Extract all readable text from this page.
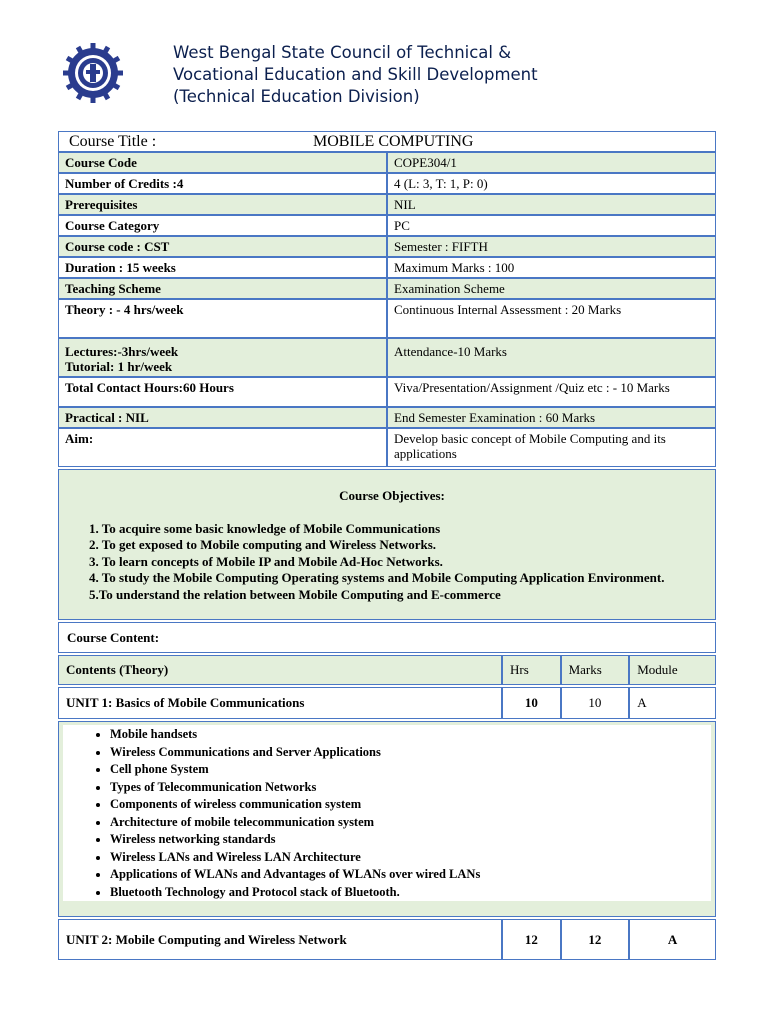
West Bengal State Council of Technical &
Vocational Education and Skill Development
(Technical Education Division)
Course Title : MOBILE COMPUTING	
Course Code	COPE304/1
Number of Credits :4	4 (L: 3, T: 1, P: 0)
Prerequisites	NIL
Course Category	PC
Course code : CST	Semester : FIFTH
Duration : 15 weeks	Maximum Marks : 100
Teaching Scheme	Examination Scheme
Theory : - 4 hrs/week	Continuous Internal Assessment : 20 Marks

Lectures:-3hrs/week
Tutorial: 1 hr/week	Attendance-10 Marks
Total Contact Hours:60 Hours	Viva/Presentation/Assignment /Quiz etc : - 10 Marks
Practical : NIL	End Semester Examination : 60 Marks
Aim:	Develop basic concept of Mobile Computing and its applications
Course Objectives:
1. To acquire some basic knowledge of Mobile Communications
2. To get exposed to Mobile computing and Wireless Networks.
3. To learn concepts of Mobile IP and Mobile Ad-Hoc Networks.
4. To study the Mobile Computing Operating systems and Mobile Computing Application Environment.
5.To understand the relation between Mobile Computing and E-commerce
Course Content:
Contents (Theory)	Hrs	Marks	Module
UNIT 1: Basics of Mobile Communications	10	10	A
• Mobile handsets
• Wireless Communications and Server Applications
• Cell phone System
• Types of Telecommunication Networks
• Components of wireless communication system
• Architecture of mobile telecommunication system
• Wireless networking standards
• Wireless LANs and Wireless LAN Architecture
• Applications of WLANs and Advantages of WLANs over wired LANs
• Bluetooth Technology and Protocol stack of Bluetooth.
UNIT 2: Mobile Computing and Wireless Network	12	12	A
